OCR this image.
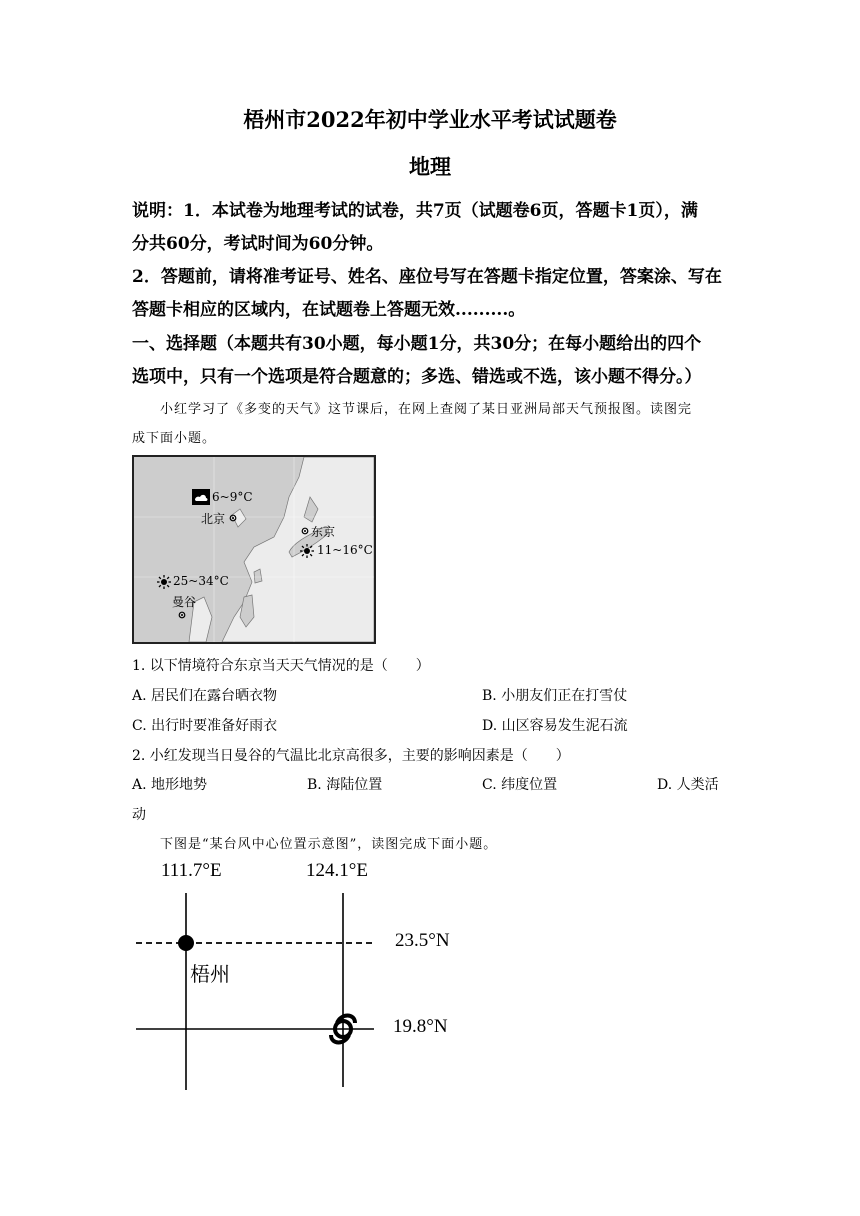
梧州市2022年初中学业水平考试试题卷
地理
说明：1．本试卷为地理考试的试卷，共7页（试题卷6页，答题卡1页），满
分共60分，考试时间为60分钟。
2．答题前，请将准考证号、姓名、座位号写在答题卡指定位置，答案涂、写在
答题卡相应的区域内，在试题卷上答题无效.........。
一、选择题（本题共有30小题，每小题1分，共30分；在每小题给出的四个
选项中，只有一个选项是符合题意的；多选、错选或不选，该小题不得分。）
小红学习了《多变的天气》这节课后，在网上查阅了某日亚洲局部天气预报图。读图完
成下面小题。
6~9°C
北京
东京
11~16°C
25~34°C
曼谷
1. 以下情境符合东京当天天气情况的是（　　）
A. 居民们在露台晒衣物	B. 小朋友们正在打雪仗
C. 出行时要准备好雨衣	D. 山区容易发生泥石流
2. 小红发现当日曼谷的气温比北京高很多，主要的影响因素是（　　）
A. 地形地势	B. 海陆位置	C. 纬度位置	D. 人类活
动
下图是“某台风中心位置示意图”，读图完成下面小题。
111.7°E	124.1°E
23.5°N
19.8°N
梧州
